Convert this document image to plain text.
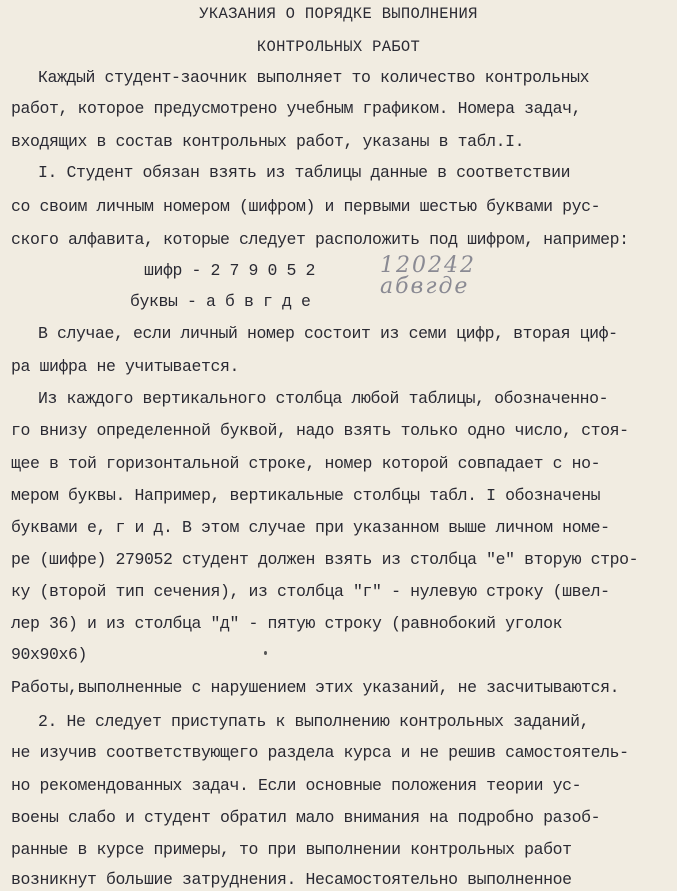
УКАЗАНИЯ О ПОРЯДКЕ ВЫПОЛНЕНИЯ
КОНТРОЛЬНЫХ РАБОТ
Каждый студент-заочник выполняет то количество контрольных
работ, которое предусмотрено учебным графиком. Номера задач,
входящих в состав контрольных работ, указаны в табл.I.
I. Студент обязан взять из таблицы данные в соответствии
со своим личным номером (шифром) и первыми шестью буквами рус-
ского алфавита, которые следует расположить под шифром, например:
шифр - 2 7 9 0 5 2
буквы - а б в г д е
120242
абвгде
В случае, если личный номер состоит из семи цифр, вторая циф-
ра шифра не учитывается.
Из каждого вертикального столбца любой таблицы, обозначенно-
го внизу определенной буквой, надо взять только одно число, стоя-
щее в той горизонтальной строке, номер которой совпадает с но-
мером буквы. Например, вертикальные столбцы табл. I обозначены
буквами е, г и д. В этом случае при указанном выше личном номе-
ре (шифре) 279052 студент должен взять из столбца "е" вторую стро-
ку (второй тип сечения), из столбца "г" - нулевую строку (швел-
лер 36) и из столбца "д" - пятую строку (равнобокий уголок
90x90x6)
Работы,выполненные с нарушением этих указаний, не засчитываются.
2. Не следует приступать к выполнению контрольных заданий,
не изучив соответствующего раздела курса и не решив самостоятель-
но рекомендованных задач. Если основные положения теории ус-
воены слабо и студент обратил мало внимания на подробно разоб-
ранные в курсе примеры, то при выполнении контрольных работ
возникнут большие затруднения. Несамостоятельно выполненное
